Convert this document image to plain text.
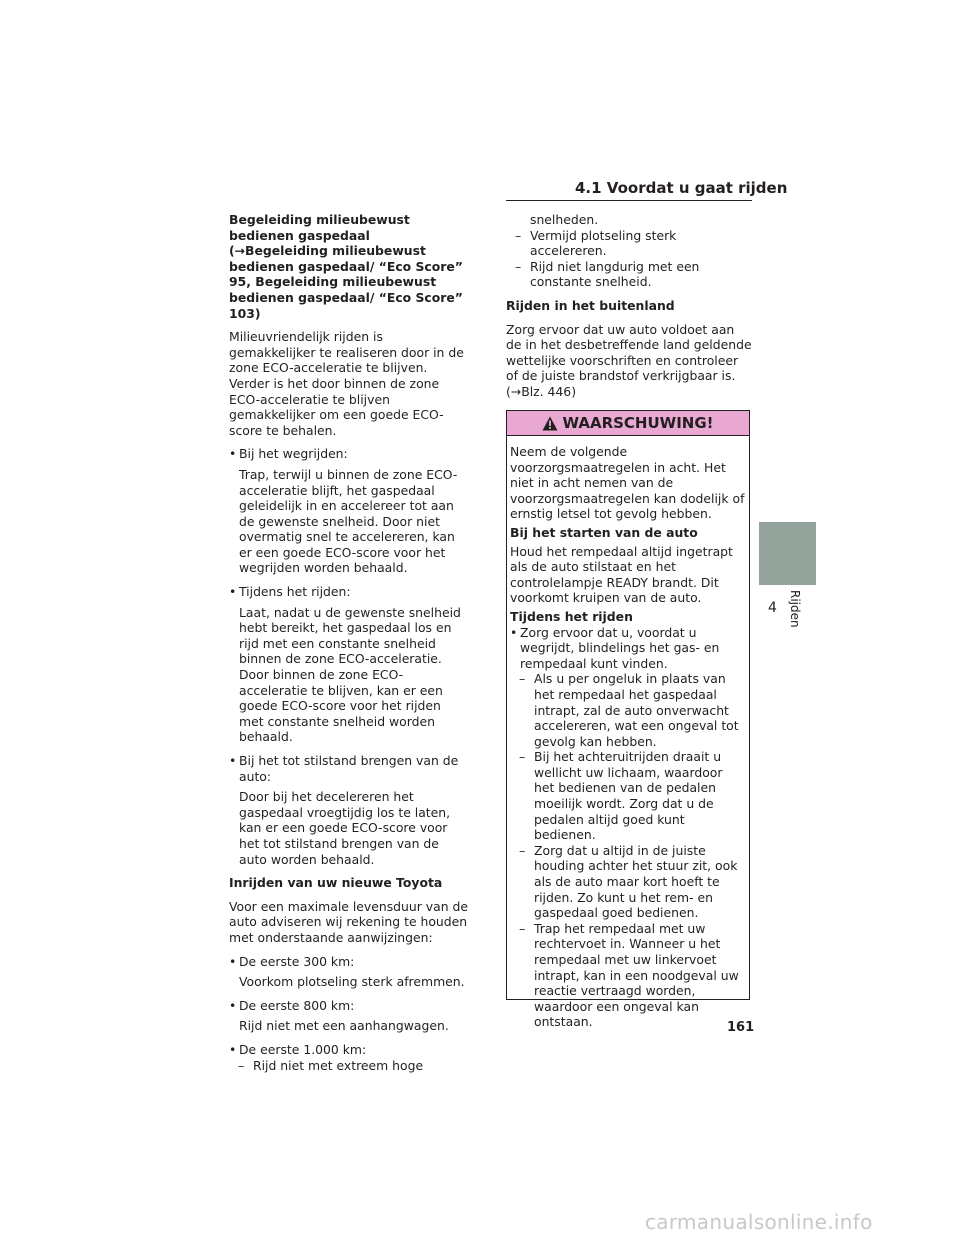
4.1 Voordat u gaat rijden

Begeleiding milieubewust bedienen gaspedaal (→Begeleiding milieubewust bedienen gaspedaal/ “Eco Score” 95, Begeleiding milieubewust bedienen gaspedaal/ “Eco Score” 103)

Milieuvriendelijk rijden is gemakkelijker te realiseren door in de zone ECO-acceleratie te blijven. Verder is het door binnen de zone ECO-acceleratie te blijven gemakkelijker om een goede ECO-score te behalen.

• Bij het wegrijden:

Trap, terwijl u binnen de zone ECO-acceleratie blijft, het gaspedaal geleidelijk in en accelereer tot aan de gewenste snelheid. Door niet overmatig snel te accelereren, kan er een goede ECO-score voor het wegrijden worden behaald.

• Tijdens het rijden:

Laat, nadat u de gewenste snelheid hebt bereikt, het gaspedaal los en rijd met een constante snelheid binnen de zone ECO-acceleratie. Door binnen de zone ECO-acceleratie te blijven, kan er een goede ECO-score voor het rijden met constante snelheid worden behaald.

• Bij het tot stilstand brengen van de auto:

Door bij het decelereren het gaspedaal vroegtijdig los te laten, kan er een goede ECO-score voor het tot stilstand brengen van de auto worden behaald.

Inrijden van uw nieuwe Toyota

Voor een maximale levensduur van de auto adviseren wij rekening te houden met onderstaande aanwijzingen:

• De eerste 300 km:

Voorkom plotseling sterk afremmen.

• De eerste 800 km:

Rijd niet met een aanhangwagen.

• De eerste 1.000 km:

– Rijd niet met extreem hoge

snelheden.

– Vermijd plotseling sterk accelereren.

– Rijd niet langdurig met een constante snelheid.

Rijden in het buitenland

Zorg ervoor dat uw auto voldoet aan de in het desbetreffende land geldende wettelijke voorschriften en controleer of de juiste brandstof verkrijgbaar is. (→Blz. 446)

WAARSCHUWING!

Neem de volgende voorzorgsmaatregelen in acht. Het niet in acht nemen van de voorzorgsmaatregelen kan dodelijk of ernstig letsel tot gevolg hebben.

Bij het starten van de auto

Houd het rempedaal altijd ingetrapt als de auto stilstaat en het controlelampje READY brandt. Dit voorkomt kruipen van de auto.

Tijdens het rijden

• Zorg ervoor dat u, voordat u wegrijdt, blindelings het gas- en rempedaal kunt vinden.

– Als u per ongeluk in plaats van het rempedaal het gaspedaal intrapt, zal de auto onverwacht accelereren, wat een ongeval tot gevolg kan hebben.

– Bij het achteruitrijden draait u wellicht uw lichaam, waardoor het bedienen van de pedalen moeilijk wordt. Zorg dat u de pedalen altijd goed kunt bedienen.

– Zorg dat u altijd in de juiste houding achter het stuur zit, ook als de auto maar kort hoeft te rijden. Zo kunt u het rem- en gaspedaal goed bedienen.

– Trap het rempedaal met uw rechtervoet in. Wanneer u het rempedaal met uw linkervoet intrapt, kan in een noodgeval uw reactie vertraagd worden, waardoor een ongeval kan ontstaan.

4 Rijden
161
carmanualsonline.info
